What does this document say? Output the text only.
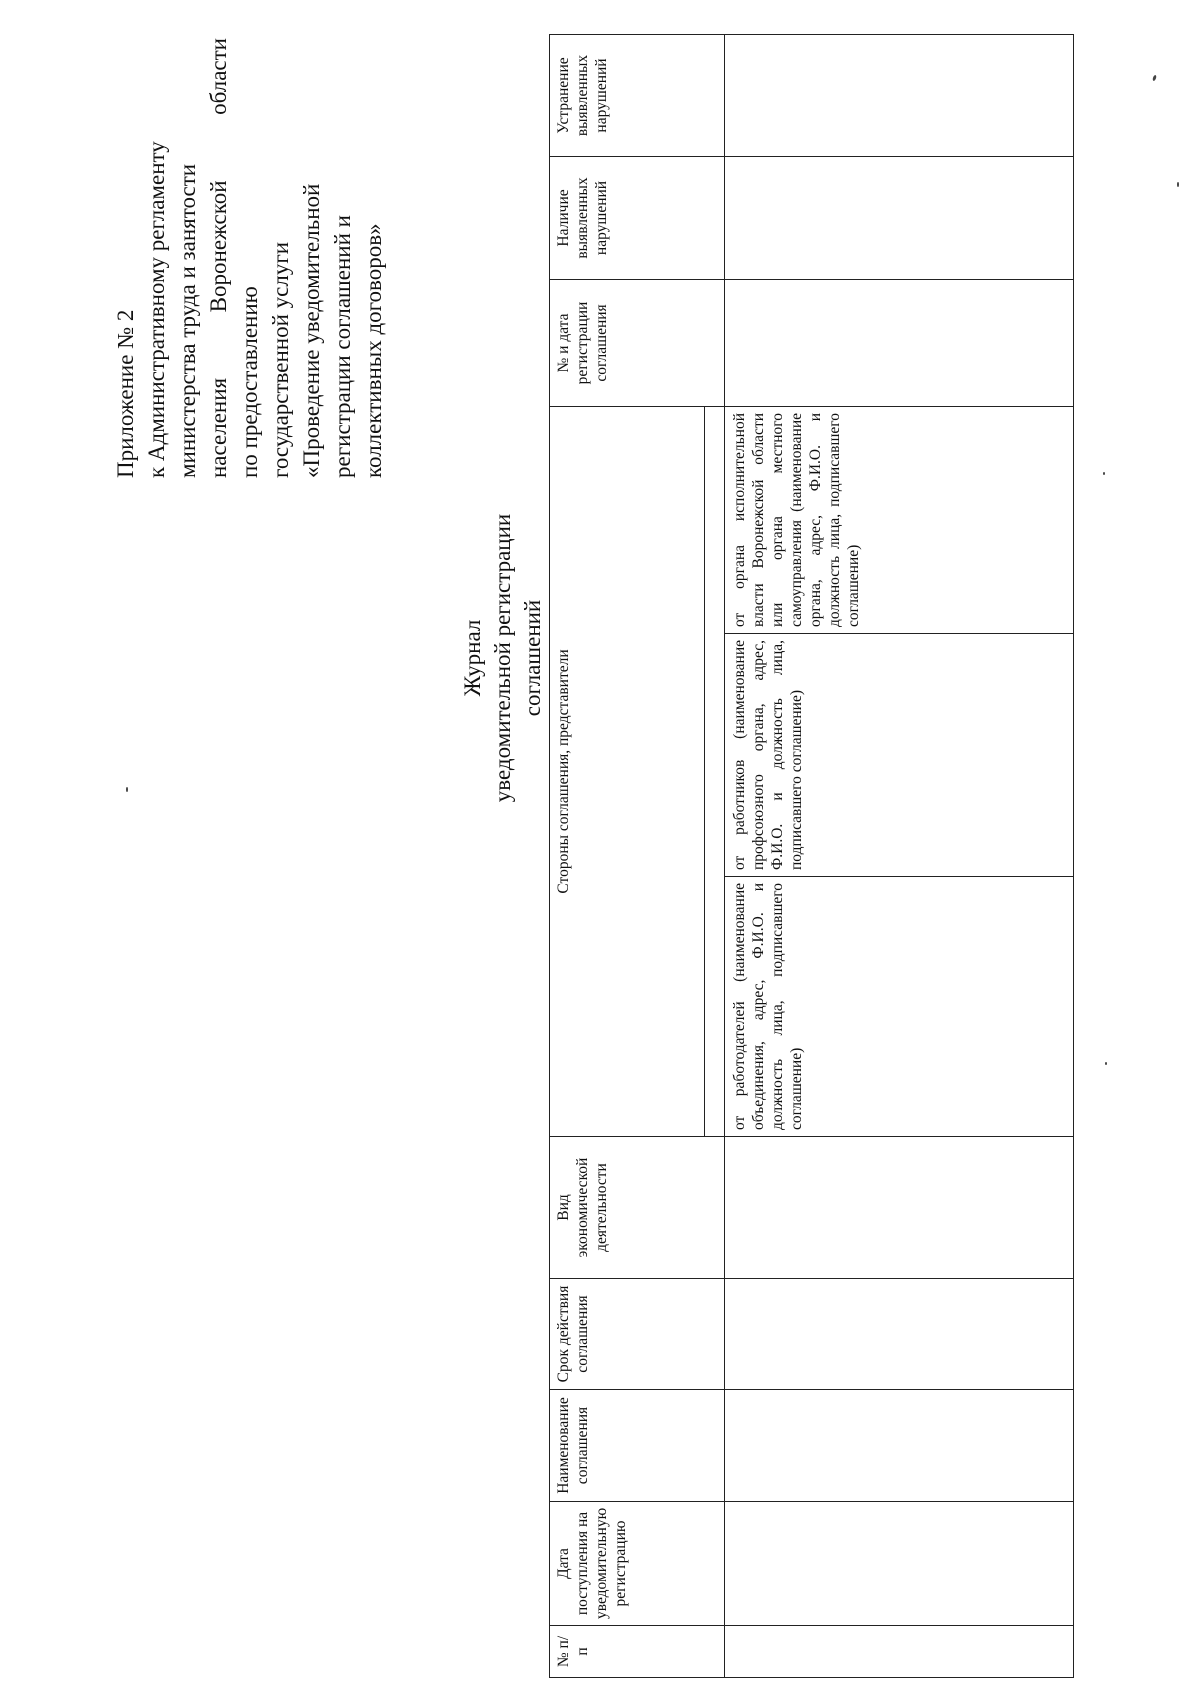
Приложение № 2 к Административному регламенту министерства труда и занятости населения Воронежской области по предоставлению государственной услуги «Проведение уведомительной регистрации соглашений и коллективных договоров»
Журнал уведомительной регистрации соглашений
№ п/п	Дата поступления на уведомительную регистрацию	Наименование соглашения	Срок действия соглашения	Вид экономической деятельности	Стороны соглашения, представители			№ и дата регистрации соглашения	Наличие выявленных нарушений	Устранение выявленных нарушений

					от работодателей (наименование объединения, адрес, Ф.И.О. и должность лица, подписавшего соглашение)	от работников (наименование профсоюзного органа, адрес, Ф.И.О. и должность лица, подписавшего соглашение)	от органа исполнительной власти Воронежской области или органа местного самоуправления (наименование органа, адрес, Ф.И.О. и должность лица, подписавшего соглашение)			
